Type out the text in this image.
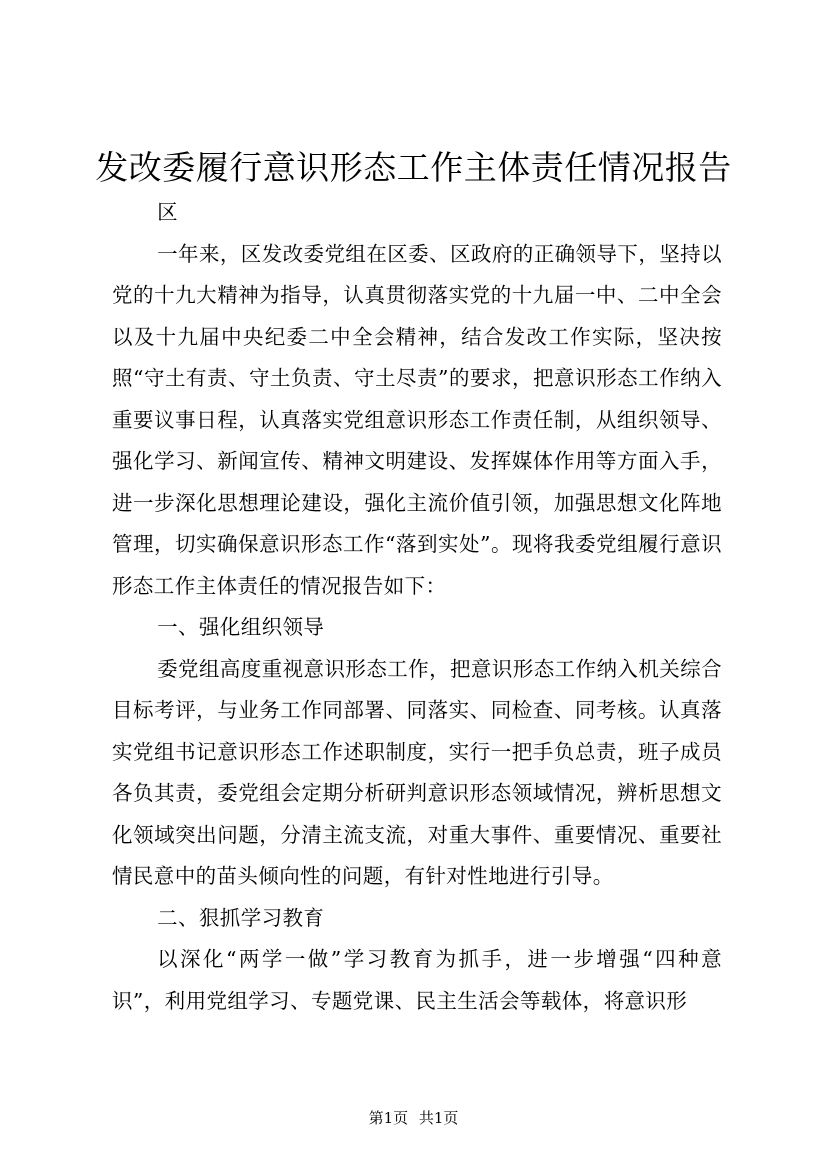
发改委履行意识形态工作主体责任情况报告

区

一年来，区发改委党组在区委、区政府的正确领导下，坚持以党的十九大精神为指导，认真贯彻落实党的十九届一中、二中全会以及十九届中央纪委二中全会精神，结合发改工作实际，坚决按照“守土有责、守土负责、守土尽责”的要求，把意识形态工作纳入重要议事日程，认真落实党组意识形态工作责任制，从组织领导、强化学习、新闻宣传、精神文明建设、发挥媒体作用等方面入手，进一步深化思想理论建设，强化主流价值引领，加强思想文化阵地管理，切实确保意识形态工作“落到实处”。现将我委党组履行意识形态工作主体责任的情况报告如下：

一、强化组织领导

委党组高度重视意识形态工作，把意识形态工作纳入机关综合目标考评，与业务工作同部署、同落实、同检查、同考核。认真落实党组书记意识形态工作述职制度，实行一把手负总责，班子成员各负其责，委党组会定期分析研判意识形态领域情况，辨析思想文化领域突出问题，分清主流支流，对重大事件、重要情况、重要社情民意中的苗头倾向性的问题，有针对性地进行引导。

二、狠抓学习教育

以深化“两学一做”学习教育为抓手，进一步增强“四种意识”，利用党组学习、专题党课、民主生活会等载体，将意识形

第1页 共1页
